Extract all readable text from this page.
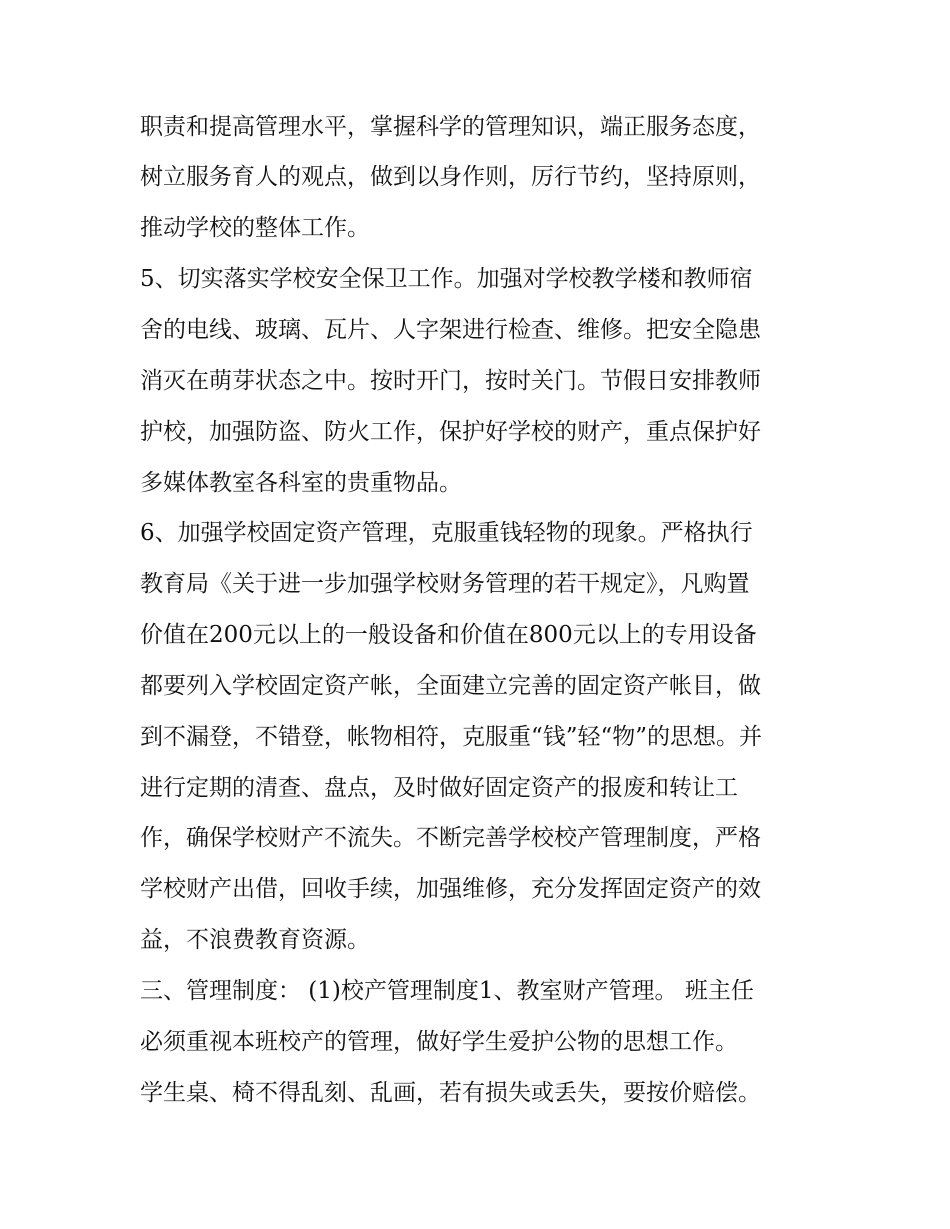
职责和提高管理水平，掌握科学的管理知识，端正服务态度，
树立服务育人的观点，做到以身作则，厉行节约，坚持原则，
推动学校的整体工作。
5、切实落实学校安全保卫工作。加强对学校教学楼和教师宿
舍的电线、玻璃、瓦片、人字架进行检查、维修。把安全隐患
消灭在萌芽状态之中。按时开门，按时关门。节假日安排教师
护校，加强防盗、防火工作，保护好学校的财产，重点保护好
多媒体教室各科室的贵重物品。
6、加强学校固定资产管理，克服重钱轻物的现象。严格执行
教育局《关于进一步加强学校财务管理的若干规定》，凡购置
价值在200元以上的一般设备和价值在800元以上的专用设备
都要列入学校固定资产帐，全面建立完善的固定资产帐目，做
到不漏登，不错登，帐物相符，克服重“钱”轻“物”的思想。并
进行定期的清查、盘点，及时做好固定资产的报废和转让工
作，确保学校财产不流失。不断完善学校校产管理制度，严格
学校财产出借，回收手续，加强维修，充分发挥固定资产的效
益，不浪费教育资源。
三、管理制度： (1)校产管理制度1、教室财产管理。 班主任
必须重视本班校产的管理，做好学生爱护公物的思想工作。
学生桌、椅不得乱刻、乱画，若有损失或丢失，要按价赔偿。
